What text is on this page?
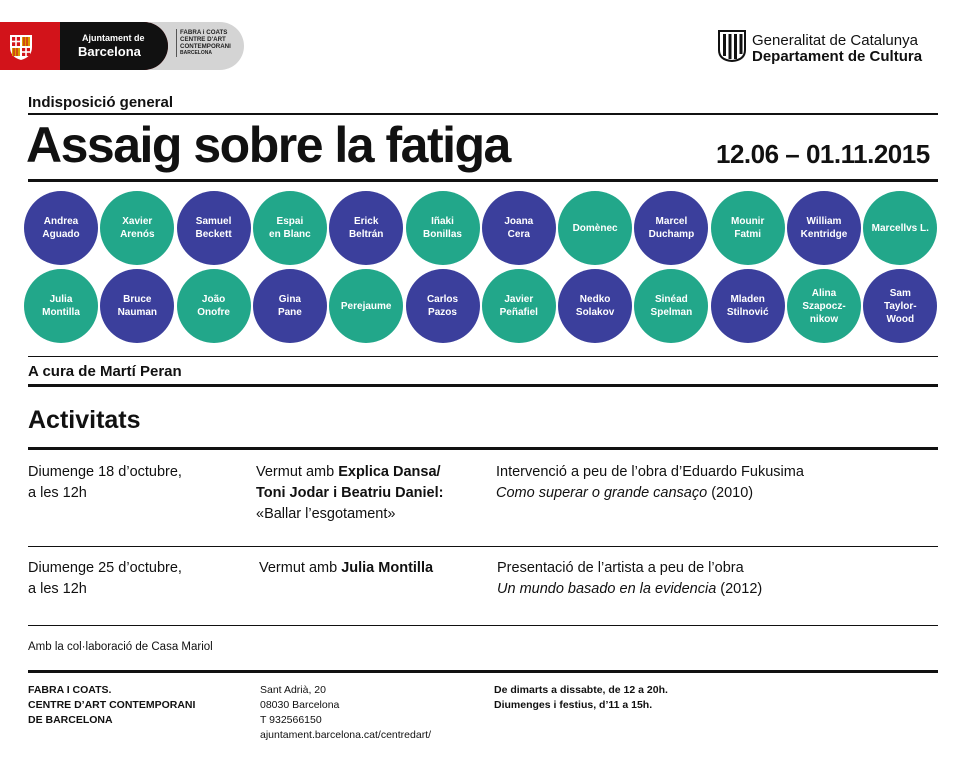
Ajuntament de
Barcelona
FABRA i COATS
CENTRE D'ART
CONTEMPORANI
BARCELONA
Generalitat de Catalunya
Departament de Cultura
Indisposició general
Assaig sobre la fatiga	12.06 – 01.11.2015
Andrea
Aguado
Xavier
Arenós
Samuel
Beckett
Espai
en Blanc
Erick
Beltrán
Iñaki
Bonillas
Joana
Cera
Domènec
Marcel
Duchamp
Mounir
Fatmi
William
Kentridge
Marcellvs L.
Julia
Montilla
Bruce
Nauman
João
Onofre
Gina
Pane
Perejaume
Carlos
Pazos
Javier
Peñafiel
Nedko
Solakov
Sinéad
Spelman
Mladen
Stilnović
Alina
Szapocz-
nikow
Sam
Taylor-
Wood
A cura de Martí Peran
Activitats
Diumenge 18 d’octubre,
a les 12h
Vermut amb Explica Dansa/
Toni Jodar i Beatriu Daniel:
«Ballar l’esgotament»
Intervenció a peu de l’obra d’Eduardo Fukusima
Como superar o grande cansaço (2010)
Diumenge 25 d’octubre,
a les 12h
Vermut amb Julia Montilla	Presentació de l’artista a peu de l’obra
Un mundo basado en la evidencia (2012)
Amb la col·laboració de Casa Mariol
FABRA I COATS.
CENTRE D’ART CONTEMPORANI
DE BARCELONA
Sant Adrià, 20
08030 Barcelona
T 932566150
ajuntament.barcelona.cat/centredart/
De dimarts a dissabte, de 12 a 20h.
Diumenges i festius, d’11 a 15h.
